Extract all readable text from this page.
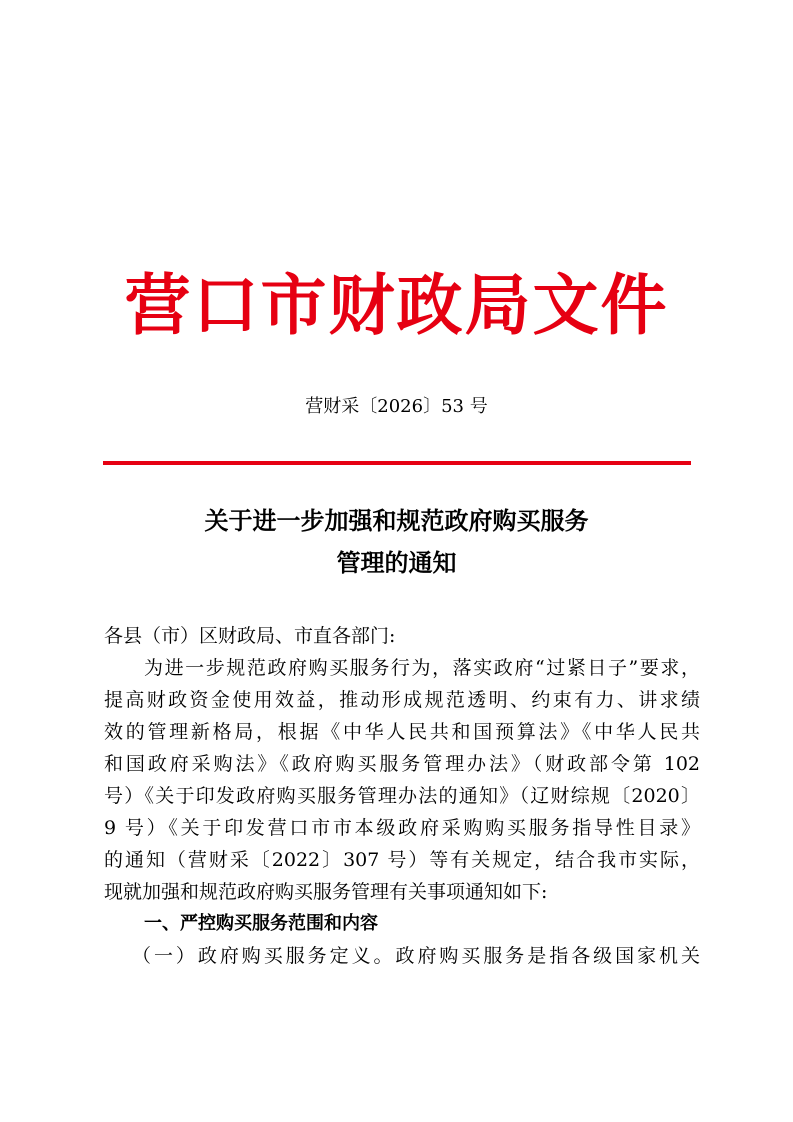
营口市财政局文件
营财采〔2026〕53 号
关于进一步加强和规范政府购买服务
管理的通知
各县（市）区财政局、市直各部门:
为进一步规范政府购买服务行为，落实政府“过紧日子”要求，
提高财政资金使用效益，推动形成规范透明、约束有力、讲求绩
效的管理新格局，根据《中华人民共和国预算法》《中华人民共
和国政府采购法》《政府购买服务管理办法》（财政部令第 102
号）《关于印发政府购买服务管理办法的通知》（辽财综规〔2020〕
9 号）《关于印发营口市市本级政府采购购买服务指导性目录》
的通知（营财采〔2022〕307 号）等有关规定，结合我市实际，
现就加强和规范政府购买服务管理有关事项通知如下:
一、严控购买服务范围和内容
（一）政府购买服务定义。政府购买服务是指各级国家机关
